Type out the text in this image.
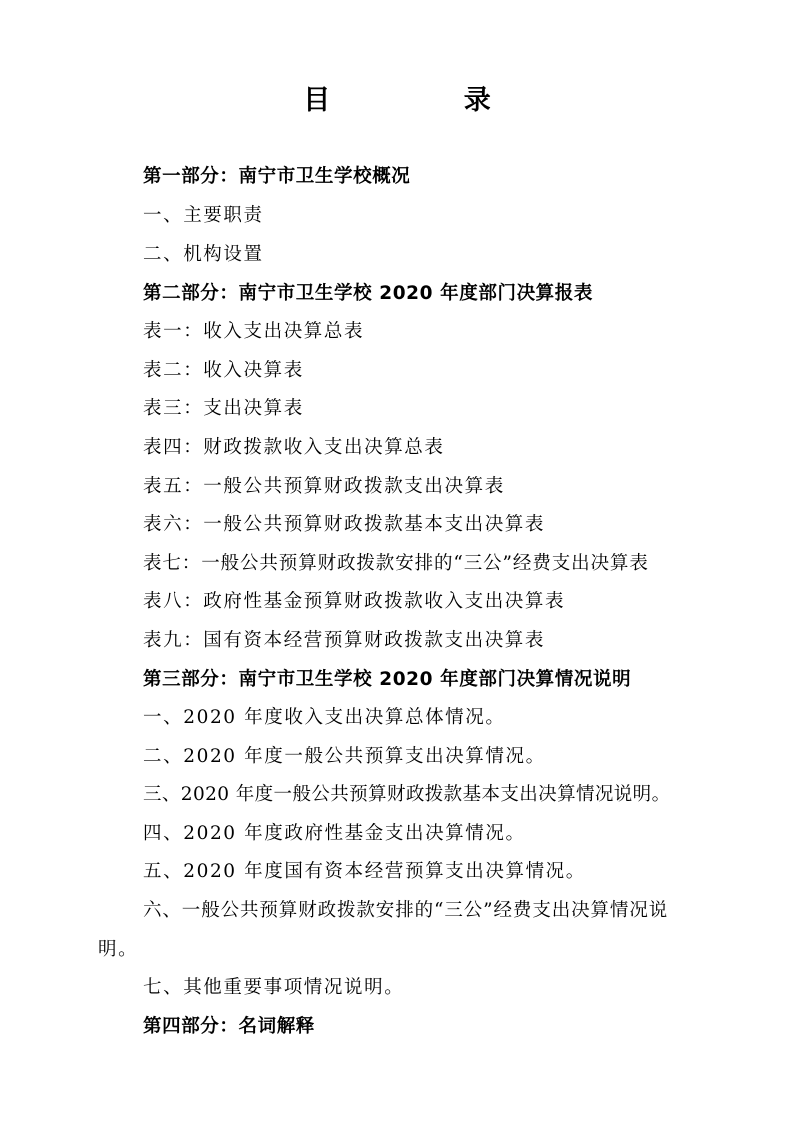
目 录
第一部分：南宁市卫生学校概况
一、主要职责
二、机构设置
第二部分：南宁市卫生学校 2020 年度部门决算报表
表一：收入支出决算总表
表二：收入决算表
表三：支出决算表
表四：财政拨款收入支出决算总表
表五：一般公共预算财政拨款支出决算表
表六：一般公共预算财政拨款基本支出决算表
表七：一般公共预算财政拨款安排的“三公”经费支出决算表
表八：政府性基金预算财政拨款收入支出决算表
表九：国有资本经营预算财政拨款支出决算表
第三部分：南宁市卫生学校 2020 年度部门决算情况说明
一、2020 年度收入支出决算总体情况。
二、2020 年度一般公共预算支出决算情况。
三、2020 年度一般公共预算财政拨款基本支出决算情况说明。
四、2020 年度政府性基金支出决算情况。
五、2020 年度国有资本经营预算支出决算情况。
六、一般公共预算财政拨款安排的“三公”经费支出决算情况说
明。
七、其他重要事项情况说明。
第四部分：名词解释
